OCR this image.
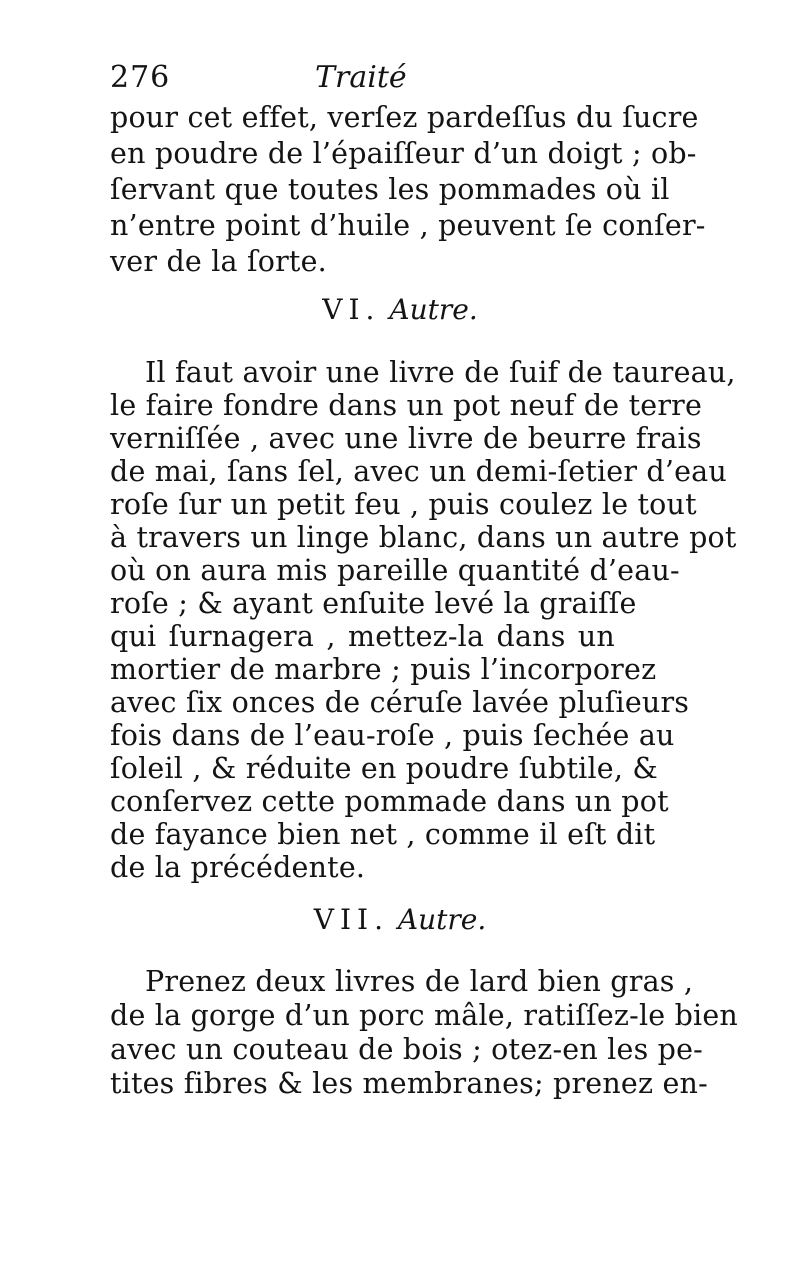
276	Traité
pour cet effet, verſez pardeſſus du ſucre
en poudre de l’épaiſſeur d’un doigt ; ob-
ſervant que toutes les pommades où il
n’entre point d’huile , peuvent ſe conſer-
ver de la ſorte.
VI. Autre.
Il faut avoir une livre de ſuif de taureau,
le faire fondre dans un pot neuf de terre
verniſſée , avec une livre de beurre frais
de mai, ſans ſel, avec un demi-ſetier d’eau
roſe ſur un petit feu , puis coulez le tout
à travers un linge blanc, dans un autre pot
où on aura mis pareille quantité d’eau-
roſe ; & ayant enſuite levé la graiſſe
qui ſurnagera , mettez-la dans un
mortier de marbre ; puis l’incorporez
avec ſix onces de céruſe lavée pluſieurs
fois dans de l’eau-roſe , puis ſechée au
ſoleil , & réduite en poudre ſubtile, &
conſervez cette pommade dans un pot
de fayance bien net , comme il eſt dit
de la précédente.
VII. Autre.
Prenez deux livres de lard bien gras ,
de la gorge d’un porc mâle, ratiſſez-le bien
avec un couteau de bois ; otez-en les pe-
tites fibres & les membranes; prenez en-
